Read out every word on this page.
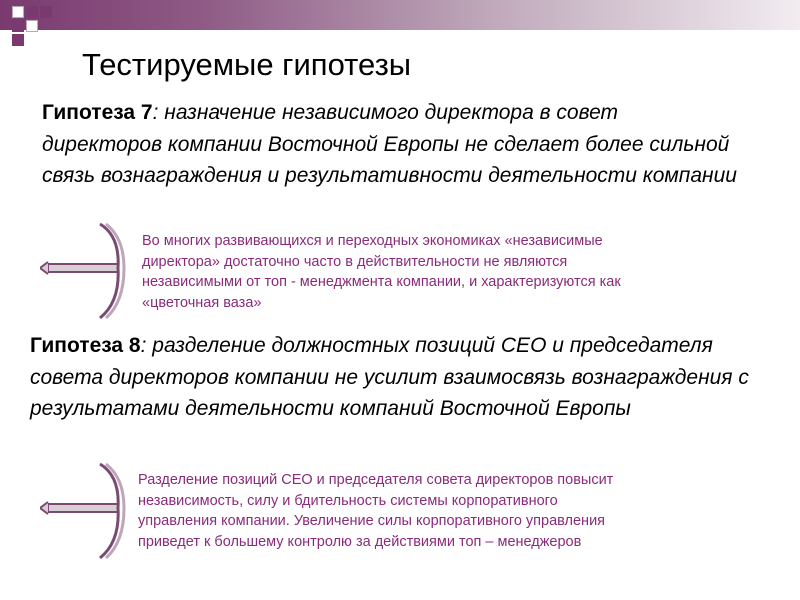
Тестируемые гипотезы
Гипотеза 7: назначение независимого директора в совет директоров компании Восточной Европы не сделает более сильной связь вознаграждения и результативности деятельности компании
Во многих развивающихся и переходных экономиках «независимые
директора» достаточно часто в действительности не являются
независимыми от топ - менеджмента компании, и характеризуются как
«цветочная ваза»
Гипотеза 8: разделение должностных позиций СЕО и председателя совета директоров компании не усилит взаимосвязь вознаграждения с результатами деятельности компаний Восточной Европы
Разделение позиций СЕО и председателя совета директоров повысит
независимость, силу и бдительность системы корпоративного
управления компании. Увеличение силы корпоративного управления
приведет к большему контролю за действиями топ – менеджеров
